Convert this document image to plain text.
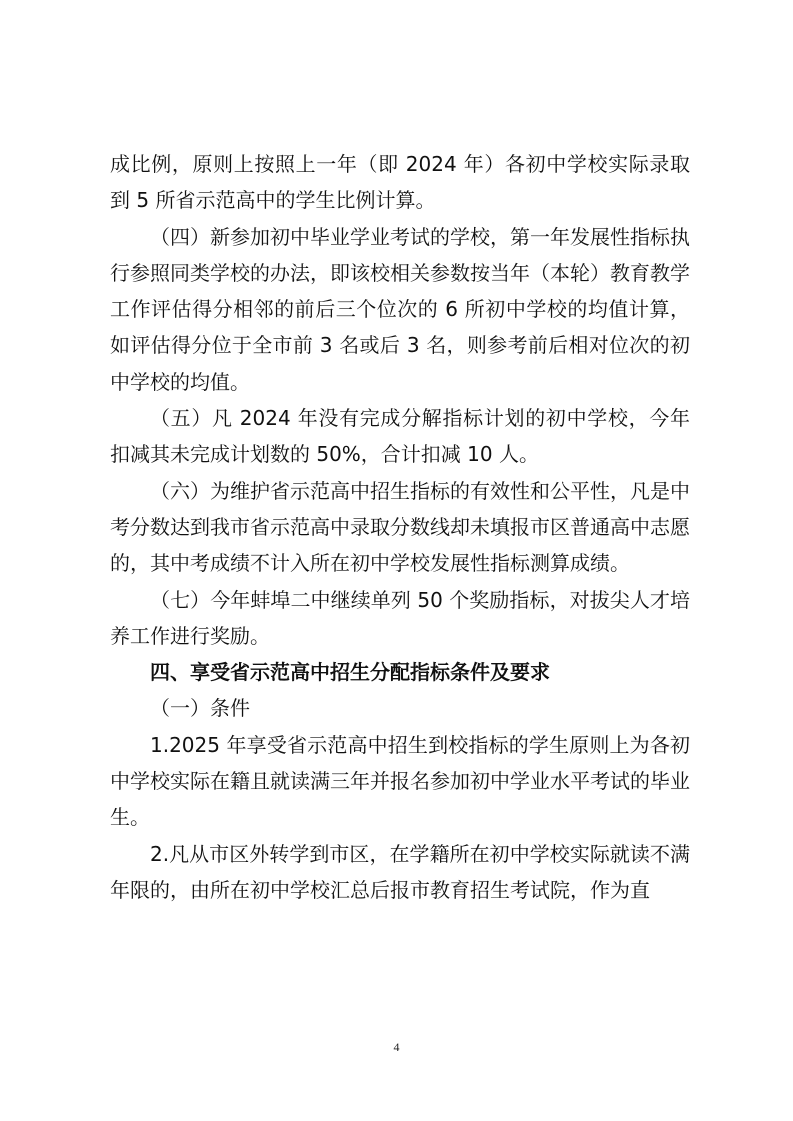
成比例，原则上按照上一年（即 2024 年）各初中学校实际录取到 5 所省示范高中的学生比例计算。

（四）新参加初中毕业学业考试的学校，第一年发展性指标执行参照同类学校的办法，即该校相关参数按当年（本轮）教育教学工作评估得分相邻的前后三个位次的 6 所初中学校的均值计算，如评估得分位于全市前 3 名或后 3 名，则参考前后相对位次的初中学校的均值。

（五）凡 2024 年没有完成分解指标计划的初中学校，今年扣减其未完成计划数的 50%，合计扣减 10 人。

（六）为维护省示范高中招生指标的有效性和公平性，凡是中考分数达到我市省示范高中录取分数线却未填报市区普通高中志愿的，其中考成绩不计入所在初中学校发展性指标测算成绩。

（七）今年蚌埠二中继续单列 50 个奖励指标，对拔尖人才培养工作进行奖励。

四、享受省示范高中招生分配指标条件及要求

（一）条件

1.2025 年享受省示范高中招生到校指标的学生原则上为各初中学校实际在籍且就读满三年并报名参加初中学业水平考试的毕业生。

2.凡从市区外转学到市区，在学籍所在初中学校实际就读不满年限的，由所在初中学校汇总后报市教育招生考试院，作为直

4
